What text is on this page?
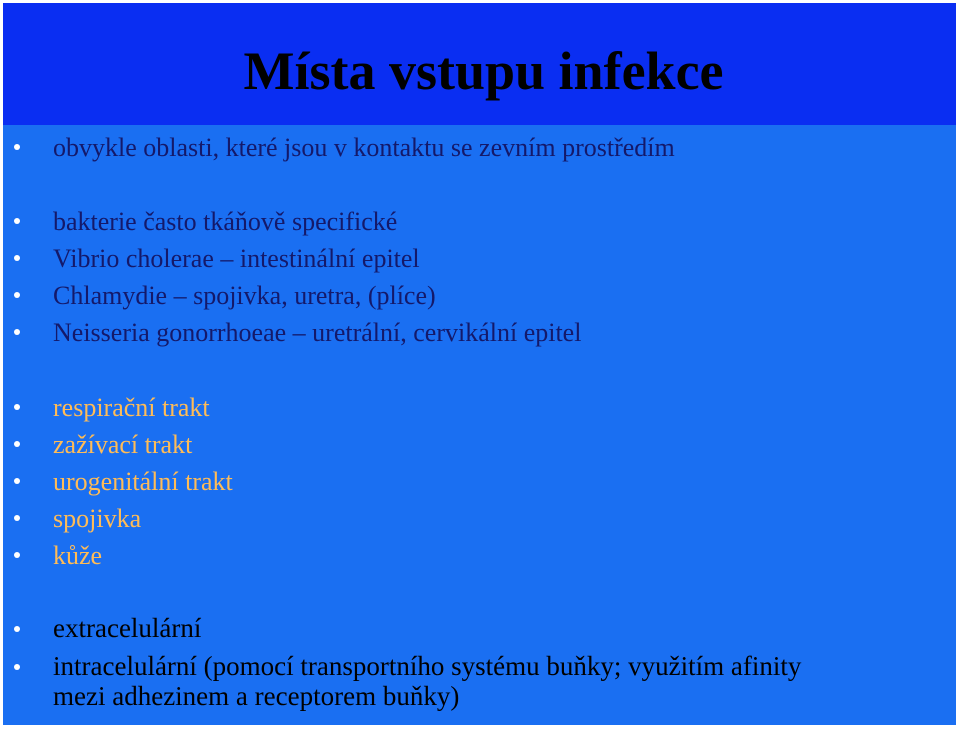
Místa vstupu infekce
obvykle oblasti, které jsou v kontaktu se zevním prostředím
bakterie často tkáňově specifické
Vibrio cholerae – intestinální epitel
Chlamydie – spojivka, uretra, (plíce)
Neisseria gonorrhoeae – uretrální, cervikální epitel
respirační trakt
zažívací trakt
urogenitální trakt
spojivka
kůže
extracelulární
intracelulární (pomocí transportního systému buňky; využitím afinity
mezi adhezinem a receptorem buňky)
